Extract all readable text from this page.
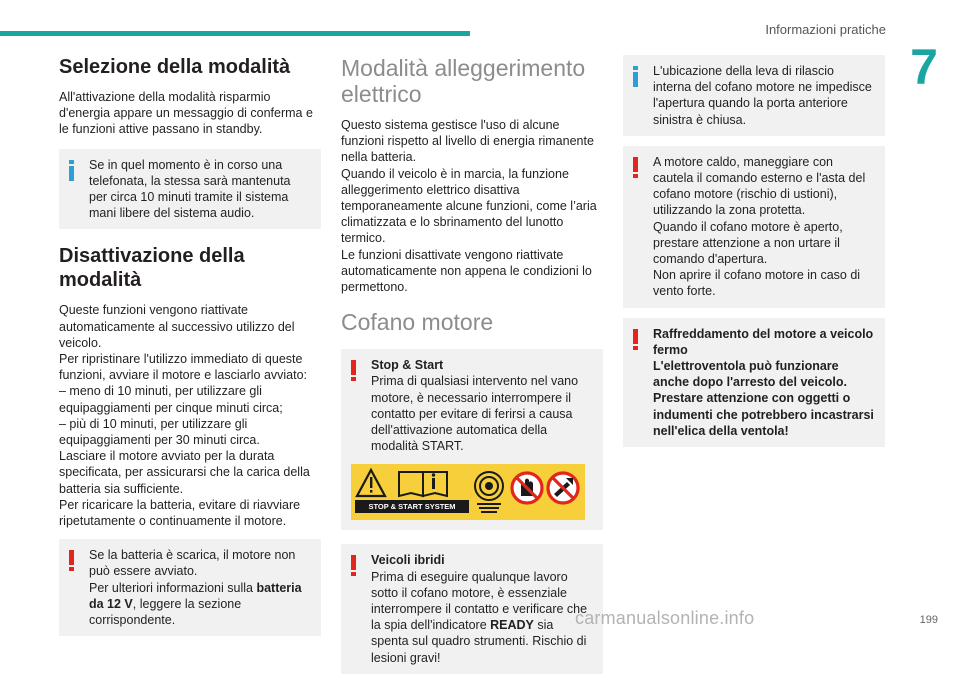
Informazioni pratiche
7
Selezione della modalità

All'attivazione della modalità risparmio d'energia appare un messaggio di conferma e le funzioni attive passano in standby.

Se in quel momento è in corso una telefonata, la stessa sarà mantenuta per circa 10 minuti tramite il sistema mani libere del sistema audio.

Disattivazione della modalità

Queste funzioni vengono riattivate automaticamente al successivo utilizzo del veicolo.

Per ripristinare l'utilizzo immediato di queste funzioni, avviare il motore e lasciarlo avviato:

– meno di 10 minuti, per utilizzare gli equipaggiamenti per cinque minuti circa;

– più di 10 minuti, per utilizzare gli equipaggiamenti per 30 minuti circa.

Lasciare il motore avviato per la durata specificata, per assicurarsi che la carica della batteria sia sufficiente.

Per ricaricare la batteria, evitare di riavviare ripetutamente o continuamente il motore.

Se la batteria è scarica, il motore non può essere avviato.

Per ulteriori informazioni sulla batteria da 12 V, leggere la sezione corrispondente.

Modalità alleggerimento elettrico

Questo sistema gestisce l'uso di alcune funzioni rispetto al livello di energia rimanente nella batteria.

Quando il veicolo è in marcia, la funzione alleggerimento elettrico disattiva temporaneamente alcune funzioni, come l’aria climatizzata e lo sbrinamento del lunotto termico.

Le funzioni disattivate vengono riattivate automaticamente non appena le condizioni lo permettono.

Cofano motore

Stop & Start

Prima di qualsiasi intervento nel vano motore, è necessario interrompere il contatto per evitare di ferirsi a causa dell'attivazione automatica della modalità START.

STOP & START SYSTEM

Veicoli ibridi

Prima di eseguire qualunque lavoro sotto il cofano motore, è essenziale interrompere il contatto e verificare che la spia dell'indicatore READY sia spenta sul quadro strumenti. Rischio di lesioni gravi!

L'ubicazione della leva di rilascio interna del cofano motore ne impedisce l'apertura quando la porta anteriore sinistra è chiusa.

A motore caldo, maneggiare con cautela il comando esterno e l'asta del cofano motore (rischio di ustioni), utilizzando la zona protetta.

Quando il cofano motore è aperto, prestare attenzione a non urtare il comando d'apertura.

Non aprire il cofano motore in caso di vento forte.

Raffreddamento del motore a veicolo fermo

L'elettroventola può funzionare anche dopo l'arresto del veicolo. Prestare attenzione con oggetti o indumenti che potrebbero incastrarsi nell'elica della ventola!

199
carmanualsonline.info
